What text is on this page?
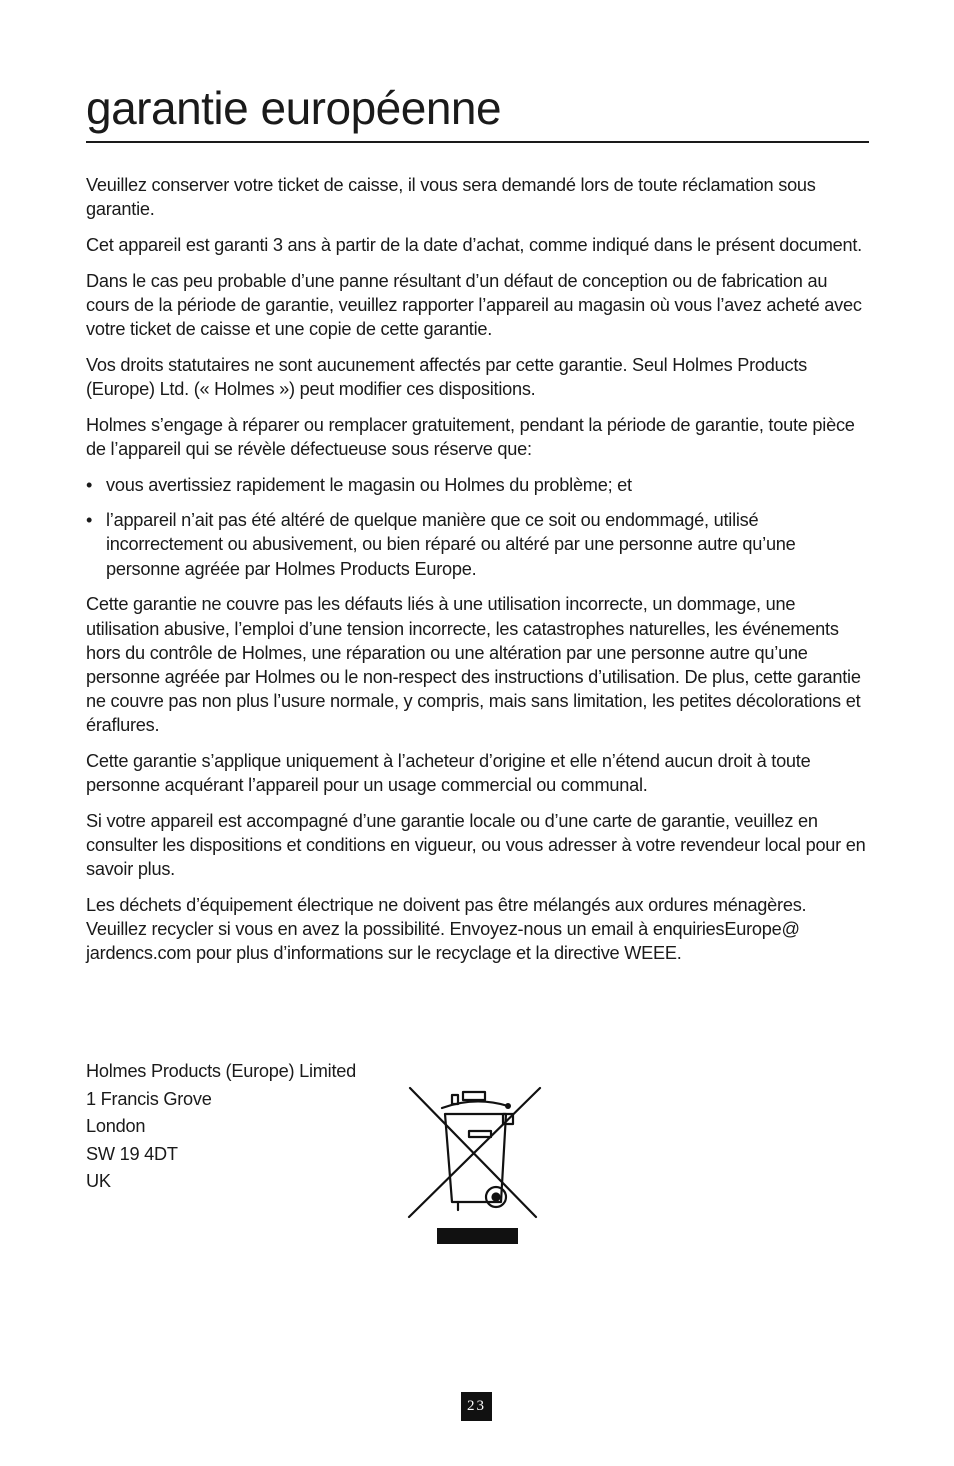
garantie européenne

Veuillez conserver votre ticket de caisse, il vous sera demandé lors de toute réclamation sous garantie.

Cet appareil est garanti 3 ans à partir de la date d’achat, comme indiqué dans le présent document.

Dans le cas peu probable d’une panne résultant d’un défaut de conception ou de fabrication au cours de la période de garantie, veuillez rapporter l’appareil au magasin où vous l’avez acheté avec votre ticket de caisse et une copie de cette garantie.

Vos droits statutaires ne sont aucunement affectés par cette garantie. Seul Holmes Products (Europe) Ltd. (« Holmes ») peut modifier ces dispositions.

Holmes s’engage à réparer ou remplacer gratuitement, pendant la période de garantie, toute pièce de l’appareil qui se révèle défectueuse sous réserve que:

• vous avertissiez rapidement le magasin ou Holmes du problème; et
• l’appareil n’ait pas été altéré de quelque manière que ce soit ou endommagé, utilisé incorrectement ou abusivement, ou bien réparé ou altéré par une personne autre qu’une personne agréée par Holmes Products Europe.

Cette garantie ne couvre pas les défauts liés à une utilisation incorrecte, un dommage, une utilisation abusive, l’emploi d’une tension incorrecte, les catastrophes naturelles, les événements hors du contrôle de Holmes, une réparation ou une altération par une personne autre qu’une personne agréée par Holmes ou le non-respect des instructions d’utilisation. De plus, cette garantie ne couvre pas non plus l’usure normale, y compris, mais sans limitation, les petites décolorations et éraflures.

Cette garantie s’applique uniquement à l’acheteur d’origine et elle n’étend aucun droit à toute personne acquérant l’appareil pour un usage commercial ou communal.

Si votre appareil est accompagné d’une garantie locale ou d’une carte de garantie, veuillez en consulter les dispositions et conditions en vigueur, ou vous adresser à votre revendeur local pour en savoir plus.

Les déchets d’équipement électrique ne doivent pas être mélangés aux ordures ménagères. Veuillez recycler si vous en avez la possibilité. Envoyez-nous un email à enquiriesEurope@ jardencs.com pour plus d’informations sur le recyclage et la directive WEEE.

Holmes Products (Europe) Limited
1 Francis Grove
London
SW 19 4DT
UK
23
